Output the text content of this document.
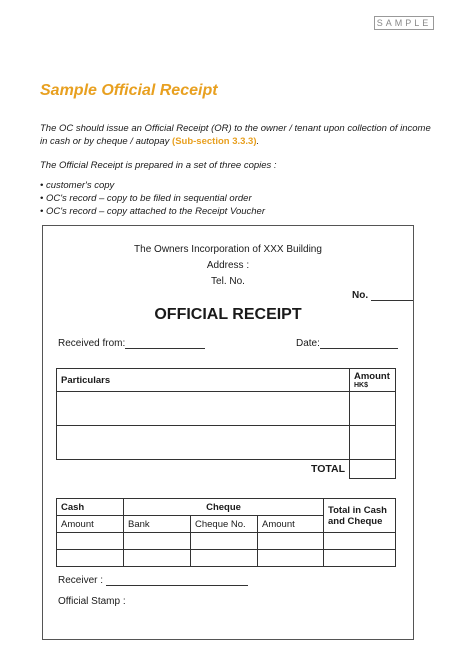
SAMPLE
Sample Official Receipt
The OC should issue an Official Receipt (OR) to the owner / tenant upon collection of income in cash or by cheque / autopay (Sub-section 3.3.3).
The Official Receipt is prepared in a set of three copies :
• customer's copy
• OC's record – copy to be filed in sequential order
• OC's record – copy attached to the Receipt Voucher
The Owners Incorporation of XXX Building
Address :
Tel. No.
No.
OFFICIAL RECEIPT
Received from:	Date:
Particulars	Amount
HK$

TOTAL	
Cash	Cheque			Total in Cash and Cheque
Amount	Bank	Cheque No.	Amount	

Receiver :
Official Stamp :
